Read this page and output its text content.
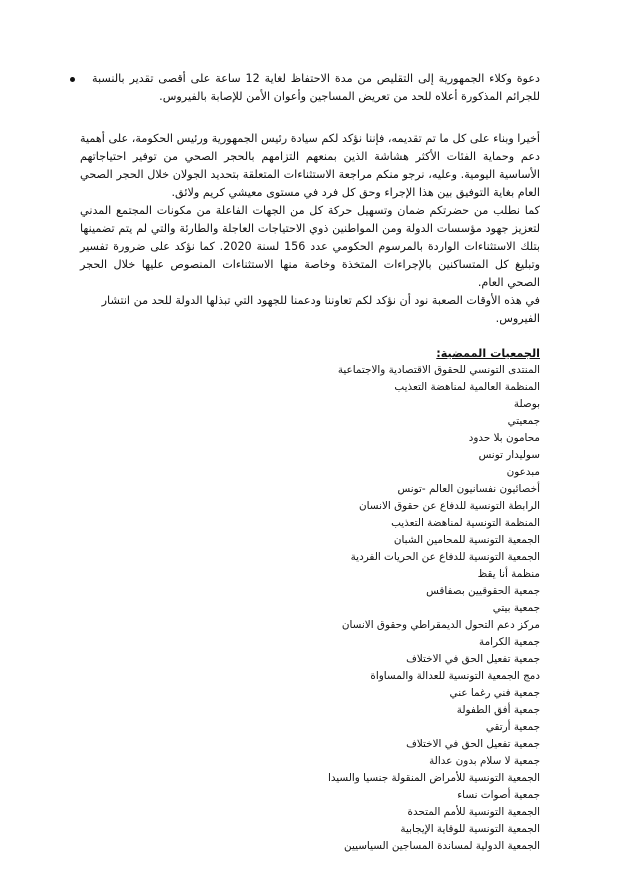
دعوة وكلاء الجمهورية إلى التقليص من مدة الاحتفاظ لغاية 12 ساعة على أقصى تقدير بالنسبة للجرائم المذكورة أعلاه للحد من تعريض المساجين وأعوان الأمن للإصابة بالفيروس.

أخيرا وبناء على كل ما تم تقديمه، فإننا نؤكد لكم سيادة رئيس الجمهورية ورئيس الحكومة، على أهمية دعم وحماية الفئات الأكثر هشاشة الذين بمنعهم التزامهم بالحجر الصحي من توفير احتياجاتهم الأساسية اليومية. وعليه، نرجو منكم مراجعة الاستثناءات المتعلقة بتحديد الجولان خلال الحجر الصحي العام بغاية التوفيق بين هذا الإجراء وحق كل فرد في مستوى معيشي كريم ولائق.

كما نطلب من حضرتكم ضمان وتسهيل حركة كل من الجهات الفاعلة من مكونات المجتمع المدني لتعزيز جهود مؤسسات الدولة ومن المواطنين ذوي الاحتياجات العاجلة والطارئة والتي لم يتم تضمينها بتلك الاستثناءات الواردة بالمرسوم الحكومي عدد 156 لسنة 2020. كما نؤكد على ضرورة تفسير وتبليغ كل المتساكنين بالإجراءات المتخذة وخاصة منها الاستثناءات المنصوص عليها خلال الحجر الصحي العام.

في هذه الأوقات الصعبة نود أن نؤكد لكم تعاوننا ودعمنا للجهود التي تبذلها الدولة للحد من انتشار الفيروس.

الجمعيات الممضية:

المنتدى التونسي للحقوق الاقتصادية والاجتماعية
المنظمة العالمية لمناهضة التعذيب
بوصلة
جمعيتي
محامون بلا حدود
سوليدار تونس
مبدعون
أخصائيون نفسانيون العالم -تونس
الرابطة التونسية للدفاع عن حقوق الانسان
المنظمة التونسية لمناهضة التعذيب
الجمعية التونسية للمحامين الشبان
الجمعية التونسية للدفاع عن الحريات الفردية
منظمة أنا يقظ
جمعية الحقوقيين بصفاقس
جمعية بيتي
مركز دعم التحول الديمقراطي وحقوق الانسان
جمعية الكرامة
جمعية تفعيل الحق في الاختلاف
دمج الجمعية التونسية للعدالة والمساواة
جمعية فني رغما عني
جمعية أفق الطفولة
جمعية أرتقي
جمعية تفعيل الحق في الاختلاف
جمعية لا سلام بدون عدالة
الجمعية التونسية للأمراض المنقولة جنسيا والسيدا
جمعية أصوات نساء
الجمعية التونسية للأمم المتحدة
الجمعية التونسية للوقاية الإيجابية
الجمعية الدولية لمساندة المساجين السياسيين
